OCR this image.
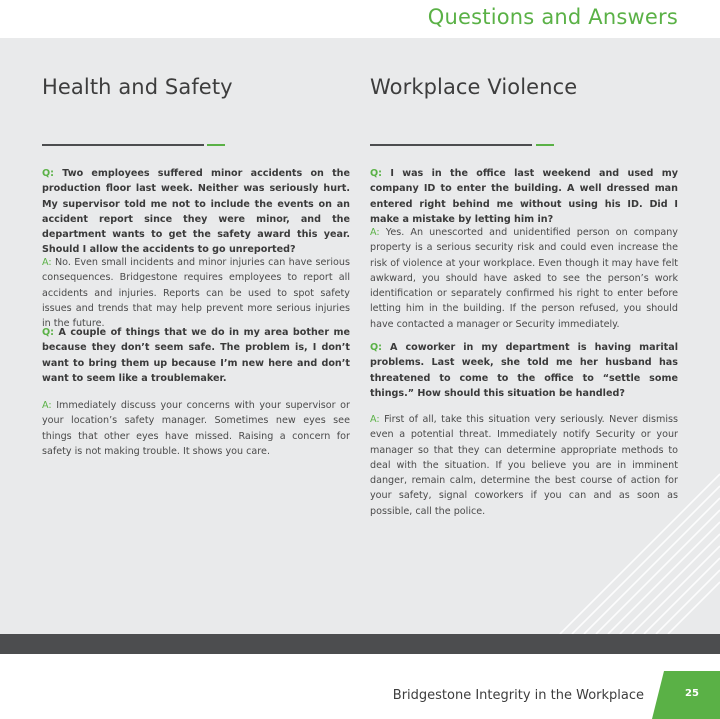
Questions and Answers
Health and Safety
Q: Two employees suffered minor accidents on the production floor last week. Neither was seriously hurt. My supervisor told me not to include the events on an accident report since they were minor, and the department wants to get the safety award this year. Should I allow the accidents to go unreported?
A: No. Even small incidents and minor injuries can have serious consequences. Bridgestone requires employees to report all accidents and injuries. Reports can be used to spot safety issues and trends that may help prevent more serious injuries in the future.
Q: A couple of things that we do in my area bother me because they don’t seem safe. The problem is, I don’t want to bring them up because I’m new here and don’t want to seem like a troublemaker.
A: Immediately discuss your concerns with your supervisor or your location’s safety manager. Sometimes new eyes see things that other eyes have missed. Raising a concern for safety is not making trouble. It shows you care.
Workplace Violence
Q: I was in the office last weekend and used my company ID to enter the building. A well dressed man entered right behind me without using his ID. Did I make a mistake by letting him in?
A: Yes. An unescorted and unidentified person on company property is a serious security risk and could even increase the risk of violence at your workplace. Even though it may have felt awkward, you should have asked to see the person’s work identification or separately confirmed his right to enter before letting him in the building. If the person refused, you should have contacted a manager or Security immediately.
Q: A coworker in my department is having marital problems. Last week, she told me her husband has threatened to come to the office to “settle some things.” How should this situation be handled?
A: First of all, take this situation very seriously. Never dismiss even a potential threat. Immediately notify Security or your manager so that they can determine appropriate methods to deal with the situation. If you believe you are in imminent danger, remain calm, determine the best course of action for your safety, signal coworkers if you can and as soon as possible, call the police.
Bridgestone Integrity in the Workplace	25
